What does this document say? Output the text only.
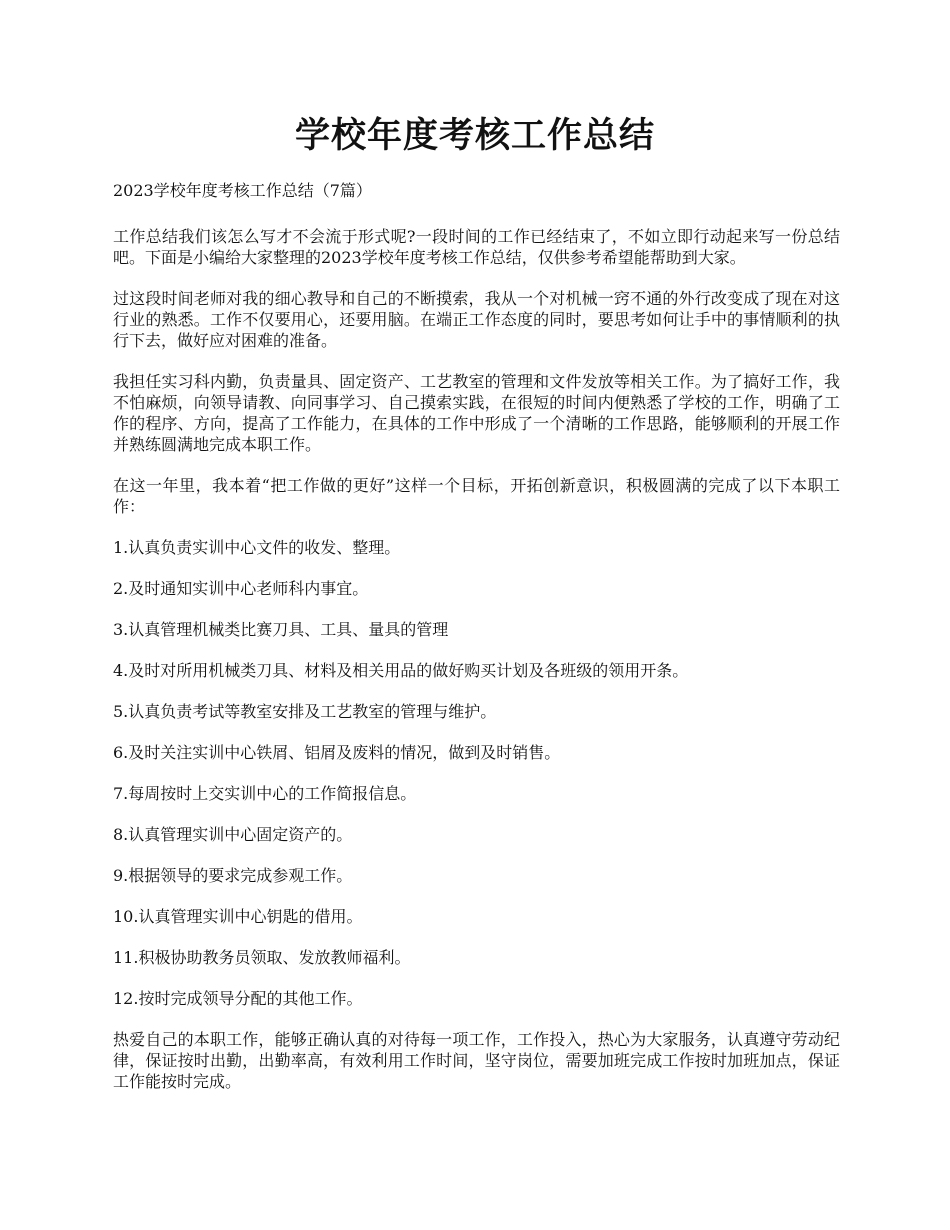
学校年度考核工作总结

2023学校年度考核工作总结（7篇）

工作总结我们该怎么写才不会流于形式呢?一段时间的工作已经结束了，不如立即行动起来写一份总结吧。下面是小编给大家整理的2023学校年度考核工作总结，仅供参考希望能帮助到大家。

过这段时间老师对我的细心教导和自己的不断摸索，我从一个对机械一窍不通的外行改变成了现在对这行业的熟悉。工作不仅要用心，还要用脑。在端正工作态度的同时，要思考如何让手中的事情顺利的执行下去，做好应对困难的准备。

我担任实习科内勤，负责量具、固定资产、工艺教室的管理和文件发放等相关工作。为了搞好工作，我不怕麻烦，向领导请教、向同事学习、自己摸索实践，在很短的时间内便熟悉了学校的工作，明确了工作的程序、方向，提高了工作能力，在具体的工作中形成了一个清晰的工作思路，能够顺利的开展工作并熟练圆满地完成本职工作。

在这一年里，我本着“把工作做的更好”这样一个目标，开拓创新意识，积极圆满的完成了以下本职工作：

1.认真负责实训中心文件的收发、整理。

2.及时通知实训中心老师科内事宜。

3.认真管理机械类比赛刀具、工具、量具的管理

4.及时对所用机械类刀具、材料及相关用品的做好购买计划及各班级的领用开条。

5.认真负责考试等教室安排及工艺教室的管理与维护。

6.及时关注实训中心铁屑、铝屑及废料的情况，做到及时销售。

7.每周按时上交实训中心的工作简报信息。

8.认真管理实训中心固定资产的。

9.根据领导的要求完成参观工作。

10.认真管理实训中心钥匙的借用。

11.积极协助教务员领取、发放教师福利。

12.按时完成领导分配的其他工作。

热爱自己的本职工作，能够正确认真的对待每一项工作，工作投入，热心为大家服务，认真遵守劳动纪律，保证按时出勤，出勤率高，有效利用工作时间，坚守岗位，需要加班完成工作按时加班加点，保证工作能按时完成。
